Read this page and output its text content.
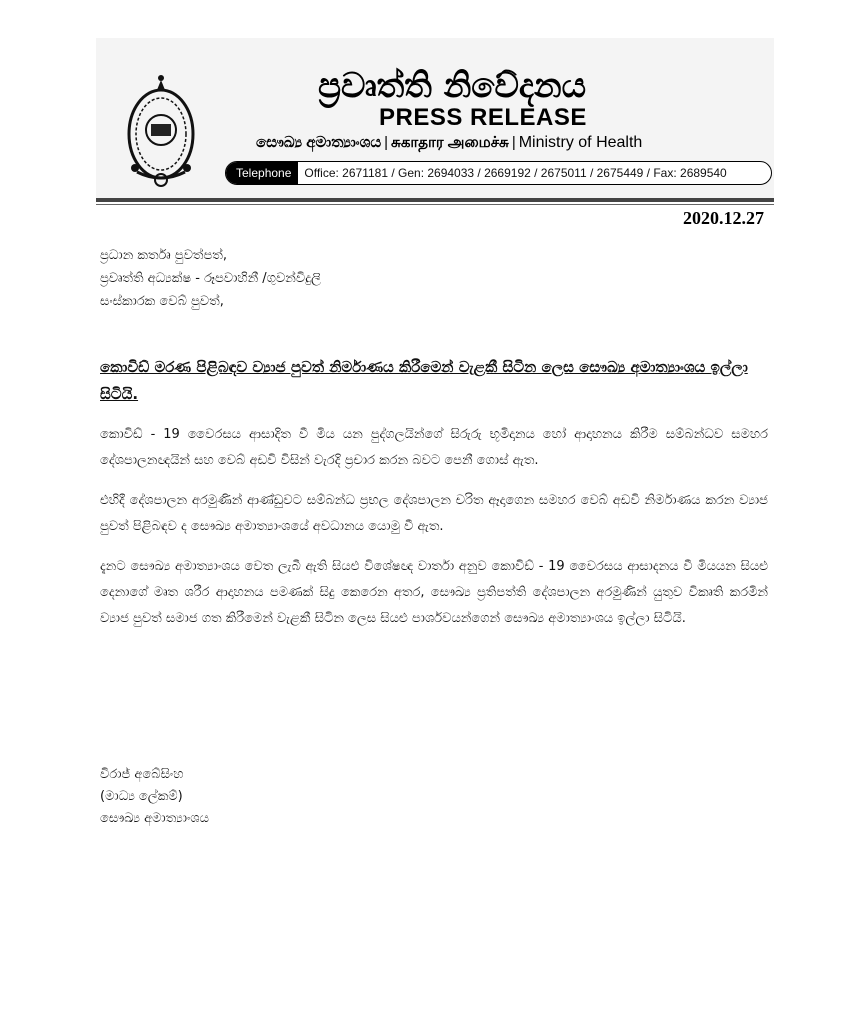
ප්‍රවෘත්ති නිවේදනය
PRESS RELEASE
සෞඛ්‍ය අමාත්‍යාංශය | சுகாதார அமைச்சு | Ministry of Health
Telephone	Office: 2671181 / Gen: 2694033 / 2669192 / 2675011 / 2675449 / Fax: 2689540
2020.12.27
ප්‍රධාන කර්තෘ පුවත්පත්,
ප්‍රවෘත්ති අධ්‍යක්ෂ - රූපවාහිනී /ගුවන්විදුලි
සංස්කාරක වෙබ් පුවත්,
කොවිඩ් මරණ පිළිබඳව ව්‍යාජ පුවත් නිර්මාණය කිරීමෙන් වැළකී සිටින ලෙස සෞඛ්‍ය අමාත්‍යාංශය ඉල්ලා සිටියි.

කොවිඩ් - 19 වෛරසය ආසාදිත වී මිය යන පුද්ගලයින්ගේ සිරුරු භූමිදානය හෝ ආදාහනය කිරීම සම්බන්ධව සමහර දේශපාලනඥයින් සහ වෙබ් අඩවි විසින් වැරදි ප්‍රචාර කරන බවට පෙනී ගොස් ඇත.

එහිදී දේශපාලන අරමුණින් ආණ්ඩුවට සම්බන්ධ ප්‍රභල දේශපාලන චරිත ඈදාගෙන සමහර වෙබ් අඩවි නිර්මාණය කරන ව්‍යාජ පුවත් පිළිබඳව ද සෞඛ්‍ය අමාත්‍යාංශයේ අවධානය යොමු වී ඇත.

දැනට සෞඛ්‍ය අමාත්‍යාංශය වෙත ලැබී ඇති සියළු විශේෂඥ වාර්තා අනුව කොවිඩ් - 19 වෛරසය ආසාදනය වී මියයන සියළු දෙනාගේ මෘත ශරීර ආදාහනය පමණක් සිදු කෙරෙන අතර, සෞඛ්‍ය ප්‍රතිපත්ති දේශපාලන අරමුණින් යුතුව විකෘති කරමින් ව්‍යාජ පුවත් සමාජ ගත කිරීමෙන් වැළකී සිටින ලෙස සියළු පාර්ශවයන්ගෙන් සෞඛ්‍ය අමාත්‍යාංශය ඉල්ලා සිටියි.

විරාජ් අබේසිංහ
(මාධ්‍ය ලේකම්)
සෞඛ්‍ය අමාත්‍යාංශය
